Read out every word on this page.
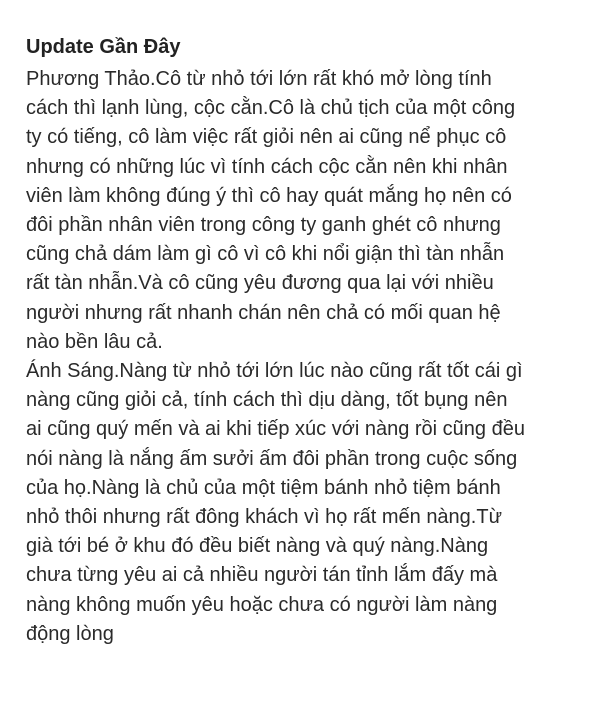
Update Gần Đây
Phương Thảo.Cô từ nhỏ tới lớn rất khó mở lòng tính
cách thì lạnh lùng, cộc cằn.Cô là chủ tịch của một công
ty có tiếng, cô làm việc rất giỏi nên ai cũng nể phục cô
nhưng có những lúc vì tính cách cộc cằn nên khi nhân
viên làm không đúng ý thì cô hay quát mắng họ nên có
đôi phần nhân viên trong công ty ganh ghét cô nhưng
cũng chả dám làm gì cô vì cô khi nổi giận thì tàn nhẫn
rất tàn nhẫn.Và cô cũng yêu đương qua lại với nhiều
người nhưng rất nhanh chán nên chả có mối quan hệ
nào bền lâu cả.
Ánh Sáng.Nàng từ nhỏ tới lớn lúc nào cũng rất tốt cái gì
nàng cũng giỏi cả, tính cách thì dịu dàng, tốt bụng nên
ai cũng quý mến và ai khi tiếp xúc với nàng rồi cũng đều
nói nàng là nắng ấm sưởi ấm đôi phần trong cuộc sống
của họ.Nàng là chủ của một tiệm bánh nhỏ tiệm bánh
nhỏ thôi nhưng rất đông khách vì họ rất mến nàng.Từ
già tới bé ở khu đó đều biết nàng và quý nàng.Nàng
chưa từng yêu ai cả nhiều người tán tỉnh lắm đấy mà
nàng không muốn yêu hoặc chưa có người làm nàng
động lòng
